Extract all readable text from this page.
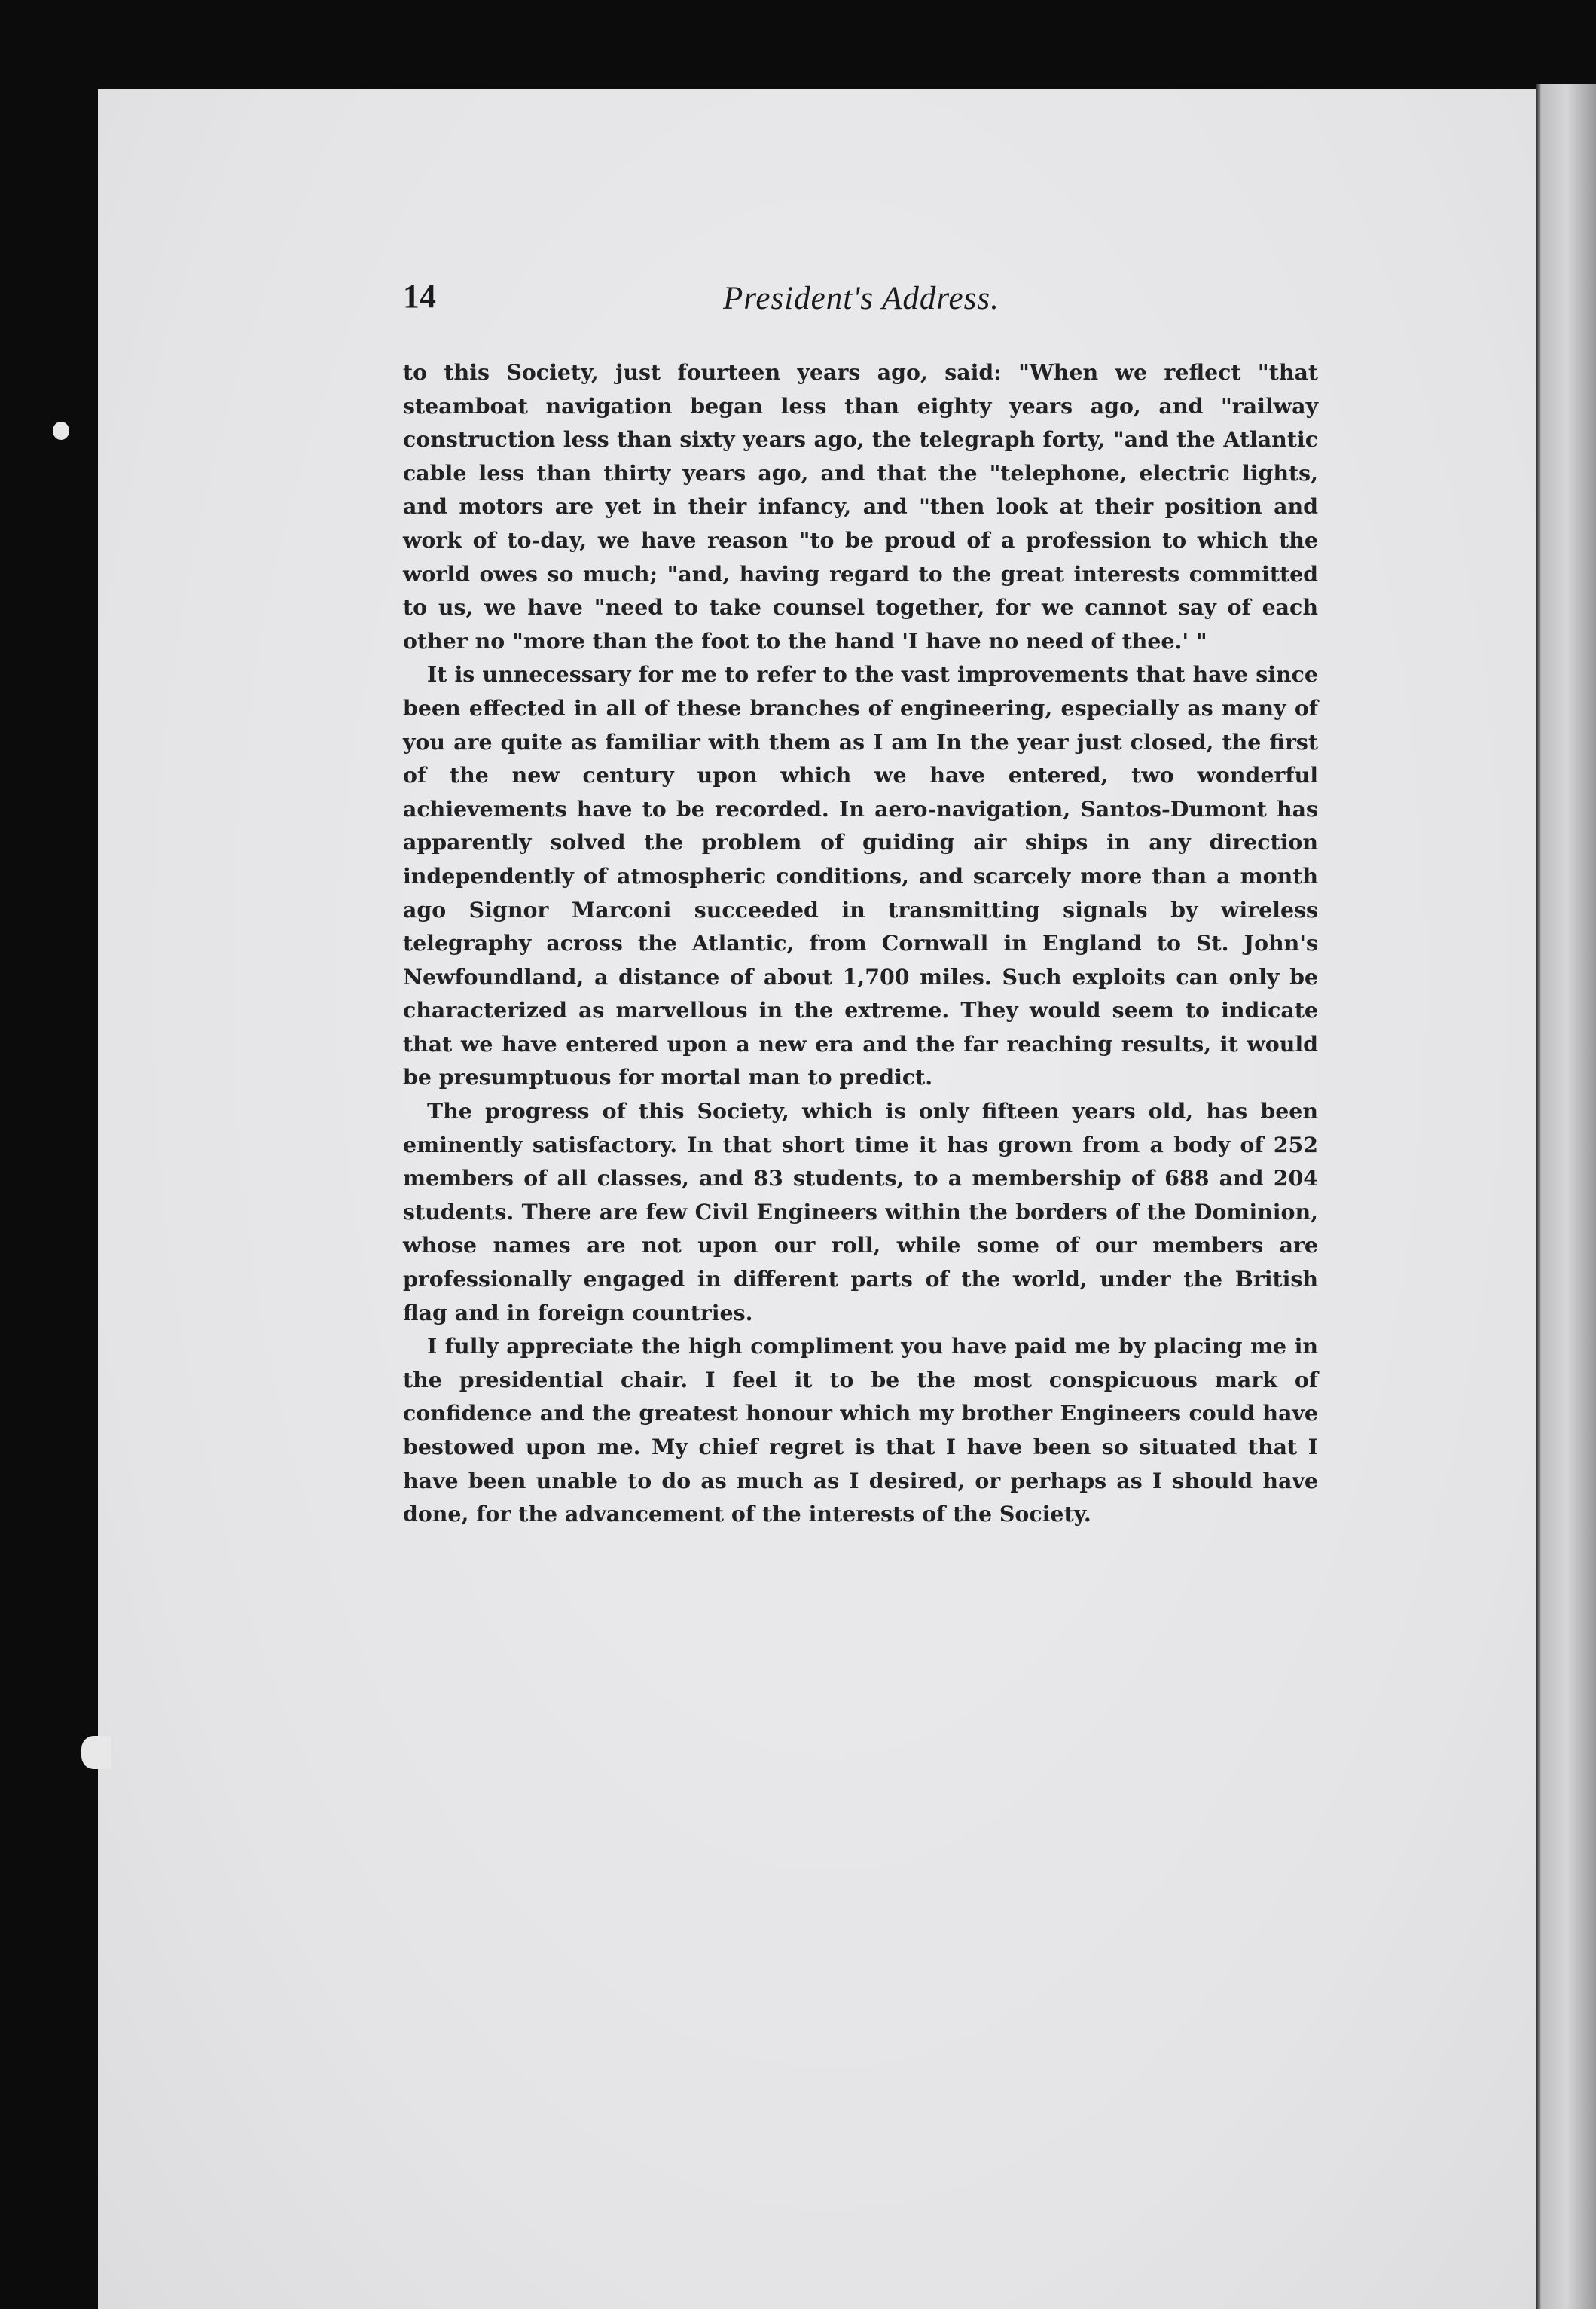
14	President's Address.

to this Society, just fourteen years ago, said: "When we reflect "that steamboat navigation began less than eighty years ago, and "railway construction less than sixty years ago, the telegraph forty, "and the Atlantic cable less than thirty years ago, and that the "telephone, electric lights, and motors are yet in their infancy, and "then look at their position and work of to-day, we have reason "to be proud of a profession to which the world owes so much; "and, having regard to the great interests committed to us, we have "need to take counsel together, for we cannot say of each other no "more than the foot to the hand 'I have no need of thee.' "

It is unnecessary for me to refer to the vast improvements that have since been effected in all of these branches of engineering, especially as many of you are quite as familiar with them as I am In the year just closed, the first of the new century upon which we have entered, two wonderful achievements have to be recorded. In aero-navigation, Santos-Dumont has apparently solved the problem of guiding air ships in any direction independently of atmospheric conditions, and scarcely more than a month ago Signor Marconi succeeded in transmitting signals by wireless telegraphy across the Atlantic, from Cornwall in England to St. John's Newfoundland, a distance of about 1,700 miles. Such exploits can only be characterized as marvellous in the extreme. They would seem to indicate that we have entered upon a new era and the far reaching results, it would be presumptuous for mortal man to predict.

The progress of this Society, which is only fifteen years old, has been eminently satisfactory. In that short time it has grown from a body of 252 members of all classes, and 83 students, to a membership of 688 and 204 students. There are few Civil Engineers within the borders of the Dominion, whose names are not upon our roll, while some of our members are professionally engaged in different parts of the world, under the British flag and in foreign countries.

I fully appreciate the high compliment you have paid me by placing me in the presidential chair. I feel it to be the most conspicuous mark of confidence and the greatest honour which my brother Engineers could have bestowed upon me. My chief regret is that I have been so situated that I have been unable to do as much as I desired, or perhaps as I should have done, for the advancement of the interests of the Society.
